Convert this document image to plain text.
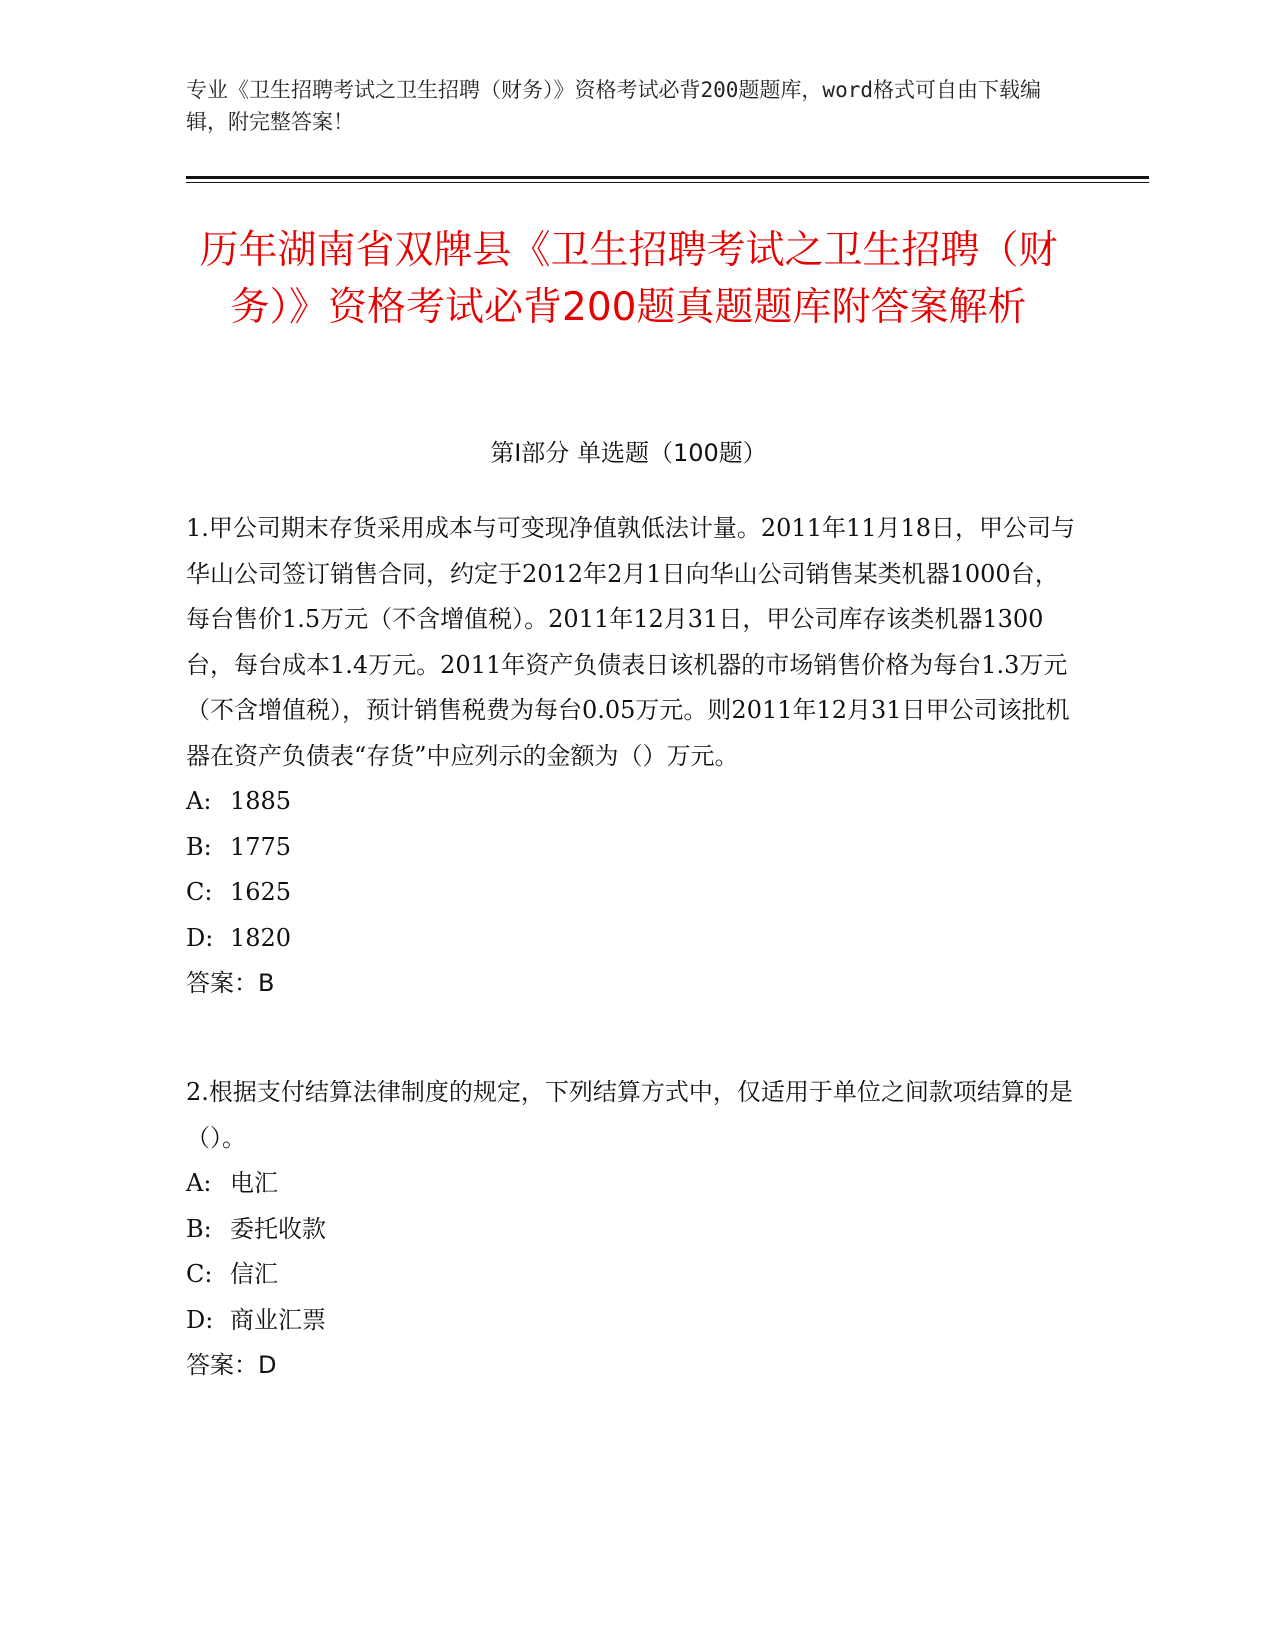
专业《卫生招聘考试之卫生招聘（财务）》资格考试必背200题题库，word格式可自由下载编辑，附完整答案！
历年湖南省双牌县《卫生招聘考试之卫生招聘（财务）》资格考试必背200题真题题库附答案解析
第Ⅰ部分 单选题（100题）

1.甲公司期末存货采用成本与可变现净值孰低法计量。2011年11月18日，甲公司与华山公司签订销售合同，约定于2012年2月1日向华山公司销售某类机器1000台，每台售价1.5万元（不含增值税）。2011年12月31日，甲公司库存该类机器1300台，每台成本1.4万元。2011年资产负债表日该机器的市场销售价格为每台1.3万元（不含增值税），预计销售税费为每台0.05万元。则2011年12月31日甲公司该批机器在资产负债表“存货”中应列示的金额为（）万元。

A: 1885

B: 1775

C: 1625

D: 1820

答案：B

2.根据支付结算法律制度的规定，下列结算方式中，仅适用于单位之间款项结算的是（）。

A: 电汇

B: 委托收款

C: 信汇

D: 商业汇票

答案：D
